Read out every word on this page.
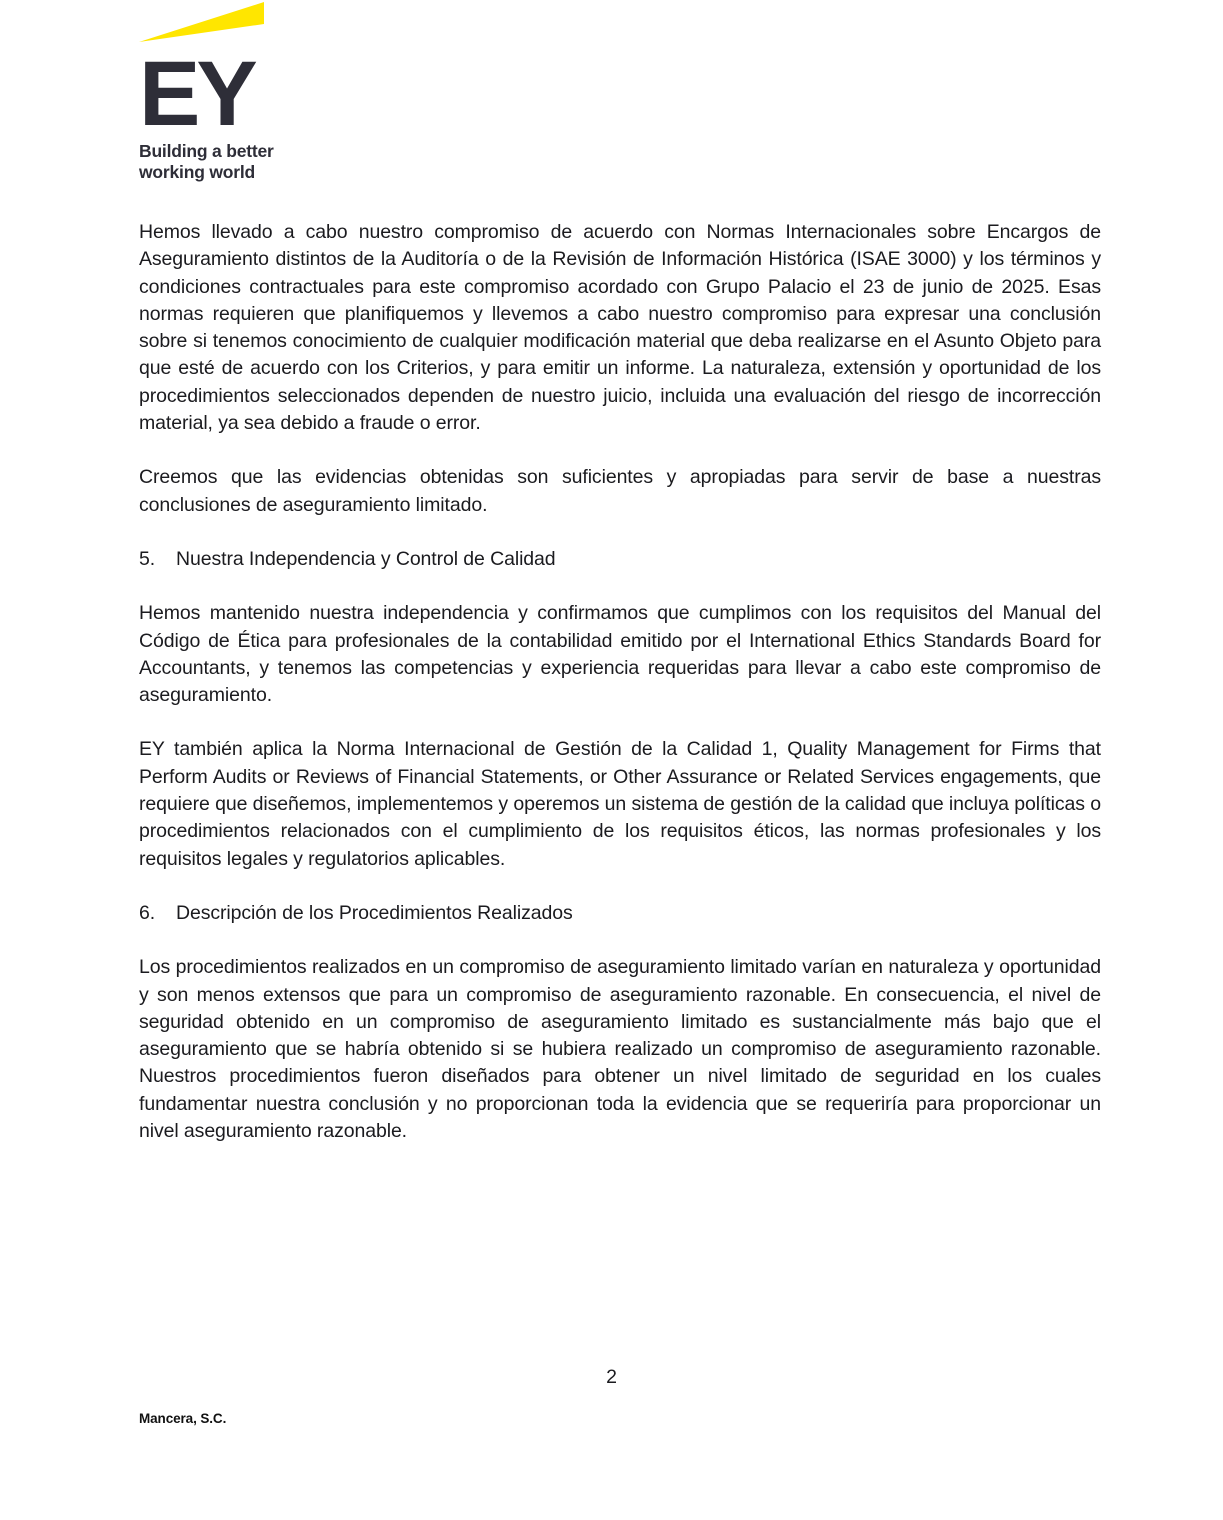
EY
Building a better
working world

Hemos llevado a cabo nuestro compromiso de acuerdo con Normas Internacionales sobre Encargos de Aseguramiento distintos de la Auditoría o de la Revisión de Información Histórica (ISAE 3000) y los términos y condiciones contractuales para este compromiso acordado con Grupo Palacio el 23 de junio de 2025. Esas normas requieren que planifiquemos y llevemos a cabo nuestro compromiso para expresar una conclusión sobre si tenemos conocimiento de cualquier modificación material que deba realizarse en el Asunto Objeto para que esté de acuerdo con los Criterios, y para emitir un informe. La naturaleza, extensión y oportunidad de los procedimientos seleccionados dependen de nuestro juicio, incluida una evaluación del riesgo de incorrección material, ya sea debido a fraude o error.

Creemos que las evidencias obtenidas son suficientes y apropiadas para servir de base a nuestras conclusiones de aseguramiento limitado.

5. Nuestra Independencia y Control de Calidad

Hemos mantenido nuestra independencia y confirmamos que cumplimos con los requisitos del Manual del Código de Ética para profesionales de la contabilidad emitido por el International Ethics Standards Board for Accountants, y tenemos las competencias y experiencia requeridas para llevar a cabo este compromiso de aseguramiento.

EY también aplica la Norma Internacional de Gestión de la Calidad 1, Quality Management for Firms that Perform Audits or Reviews of Financial Statements, or Other Assurance or Related Services engagements, que requiere que diseñemos, implementemos y operemos un sistema de gestión de la calidad que incluya políticas o procedimientos relacionados con el cumplimiento de los requisitos éticos, las normas profesionales y los requisitos legales y regulatorios aplicables.

6. Descripción de los Procedimientos Realizados

Los procedimientos realizados en un compromiso de aseguramiento limitado varían en naturaleza y oportunidad y son menos extensos que para un compromiso de aseguramiento razonable. En consecuencia, el nivel de seguridad obtenido en un compromiso de aseguramiento limitado es sustancialmente más bajo que el aseguramiento que se habría obtenido si se hubiera realizado un compromiso de aseguramiento razonable. Nuestros procedimientos fueron diseñados para obtener un nivel limitado de seguridad en los cuales fundamentar nuestra conclusión y no proporcionan toda la evidencia que se requeriría para proporcionar un nivel aseguramiento razonable.

2
Mancera, S.C.
